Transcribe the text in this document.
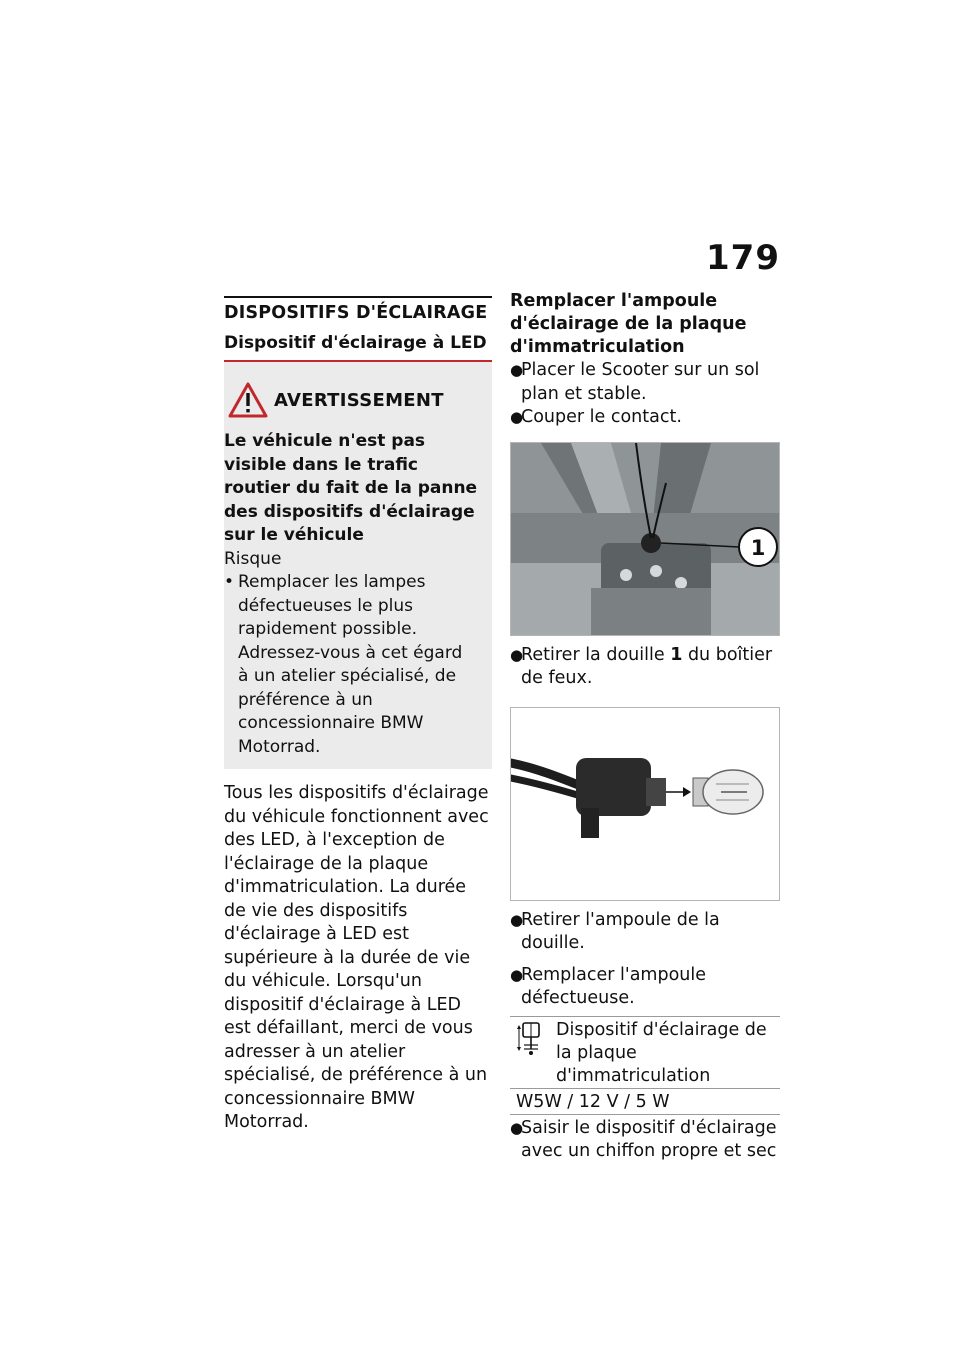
179
DISPOSITIFS D'ÉCLAIRAGE
Dispositif d'éclairage à LED
AVERTISSEMENT
Le véhicule n'est pas visible dans le trafic routier du fait de la panne des dispositifs d'éclairage sur le véhicule
Risque
• Remplacer les lampes défectueuses le plus rapidement possible. Adressez-vous à cet égard à un atelier spécialisé, de préférence à un concessionnaire BMW Motorrad.
Tous les dispositifs d'éclairage du véhicule fonctionnent avec des LED, à l'exception de l'éclairage de la plaque d'immatriculation. La durée de vie des dispositifs d'éclairage à LED est supérieure à la durée de vie du véhicule. Lorsqu'un dispositif d'éclairage à LED est défaillant, merci de vous adresser à un atelier spécialisé, de préférence à un concessionnaire BMW Motorrad.
Remplacer l'ampoule d'éclairage de la plaque d'immatriculation
●
Placer le Scooter sur un sol plan et stable.
●
Couper le contact.
1
●
Retirer la douille 1 du boîtier de feux.
●
Retirer l'ampoule de la douille.
●
Remplacer l'ampoule défectueuse.
Dispositif d'éclairage de la plaque d'immatriculation
W5W / 12 V / 5 W
●
Saisir le dispositif d'éclairage avec un chiffon propre et sec
